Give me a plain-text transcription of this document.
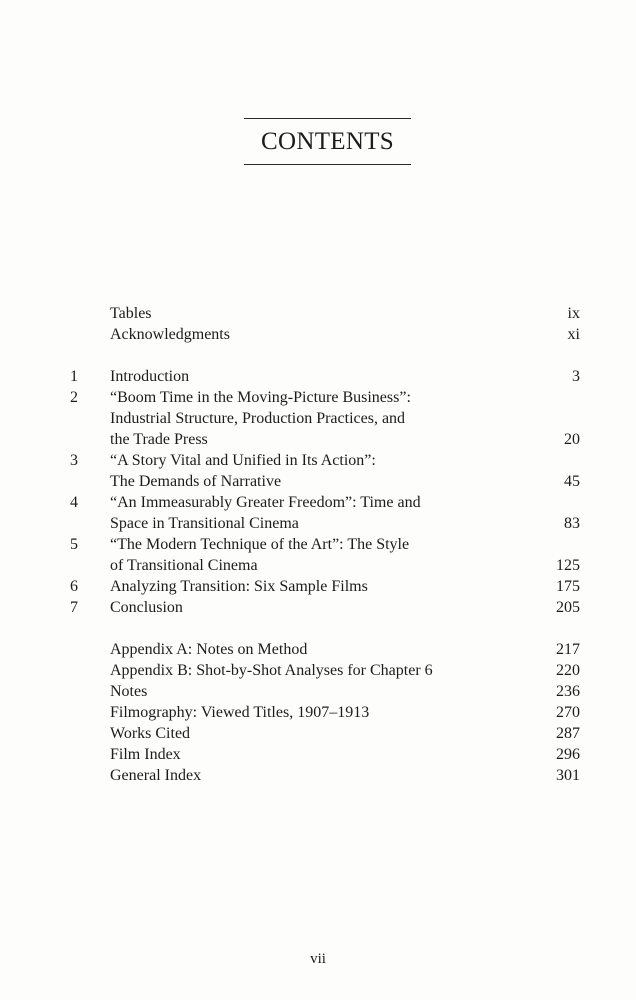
CONTENTS
Tables	ix
Acknowledgments	xi
1 Introduction	3
2 “Boom Time in the Moving-Picture Business”:
Industrial Structure, Production Practices, and
the Trade Press	20
3 “A Story Vital and Unified in Its Action”:
The Demands of Narrative	45
4 “An Immeasurably Greater Freedom”: Time and
Space in Transitional Cinema	83
5 “The Modern Technique of the Art”: The Style
of Transitional Cinema	125
6 Analyzing Transition: Six Sample Films	175
7 Conclusion	205
Appendix A: Notes on Method	217
Appendix B: Shot-by-Shot Analyses for Chapter 6	220
Notes	236
Filmography: Viewed Titles, 1907–1913	270
Works Cited	287
Film Index	296
General Index	301
vii
